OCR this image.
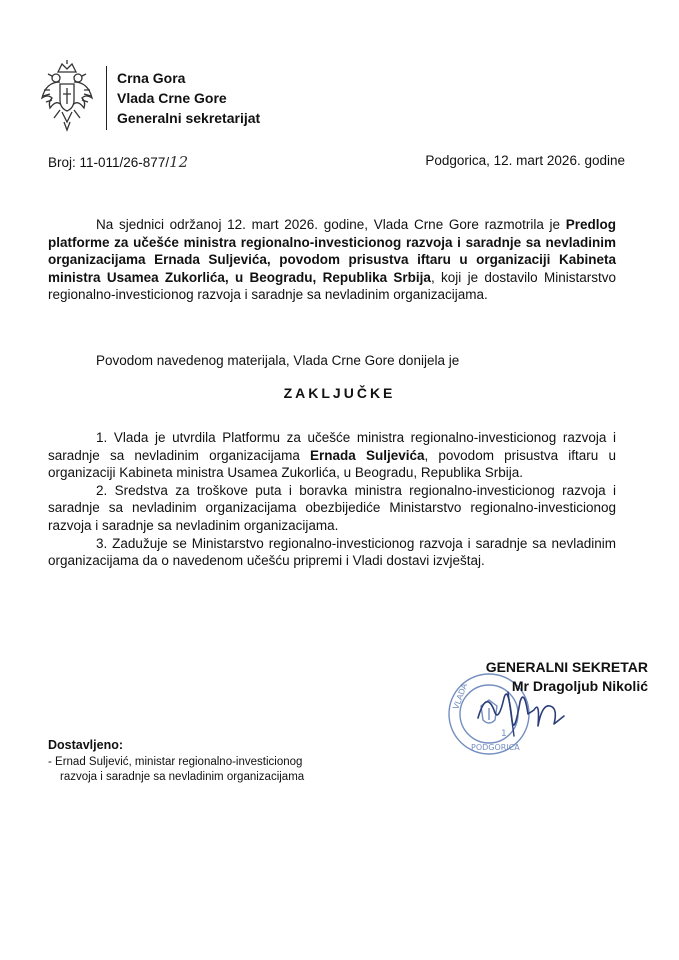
Crna Gora
Vlada Crne Gore
Generalni sekretarijat
Broj: 11-011/26-877/12	Podgorica, 12. mart 2026. godine

Na sjednici održanoj 12. mart 2026. godine, Vlada Crne Gore razmotrila je Predlog platforme za učešće ministra regionalno-investicionog razvoja i saradnje sa nevladinim organizacijama Ernada Suljevića, povodom prisustva iftaru u organizaciji Kabineta ministra Usamea Zukorlića, u Beogradu, Republika Srbija, koji je dostavilo Ministarstvo regionalno-investicionog razvoja i saradnje sa nevladinim organizacijama.

Povodom navedenog materijala, Vlada Crne Gore donijela je

ZAKLJUČKE

1. Vlada je utvrdila Platformu za učešće ministra regionalno-investicionog razvoja i saradnje sa nevladinim organizacijama Ernada Suljevića, povodom prisustva iftaru u organizaciji Kabineta ministra Usamea Zukorlića, u Beogradu, Republika Srbija.

2. Sredstva za troškove puta i boravka ministra regionalno-investicionog razvoja i saradnje sa nevladinim organizacijama obezbijediće Ministarstvo regionalno-investicionog razvoja i saradnje sa nevladinim organizacijama.

3. Zadužuje se Ministarstvo regionalno-investicionog razvoja i saradnje sa nevladinim organizacijama da o navedenom učešću pripremi i Vladi dostavi izvještaj.

VLADA
PODGORICA
1
GENERALNI SEKRETAR
Mr Dragoljub Nikolić
Dostavljeno:
- Ernad Suljević, ministar regionalno-investicionog
razvoja i saradnje sa nevladinim organizacijama
